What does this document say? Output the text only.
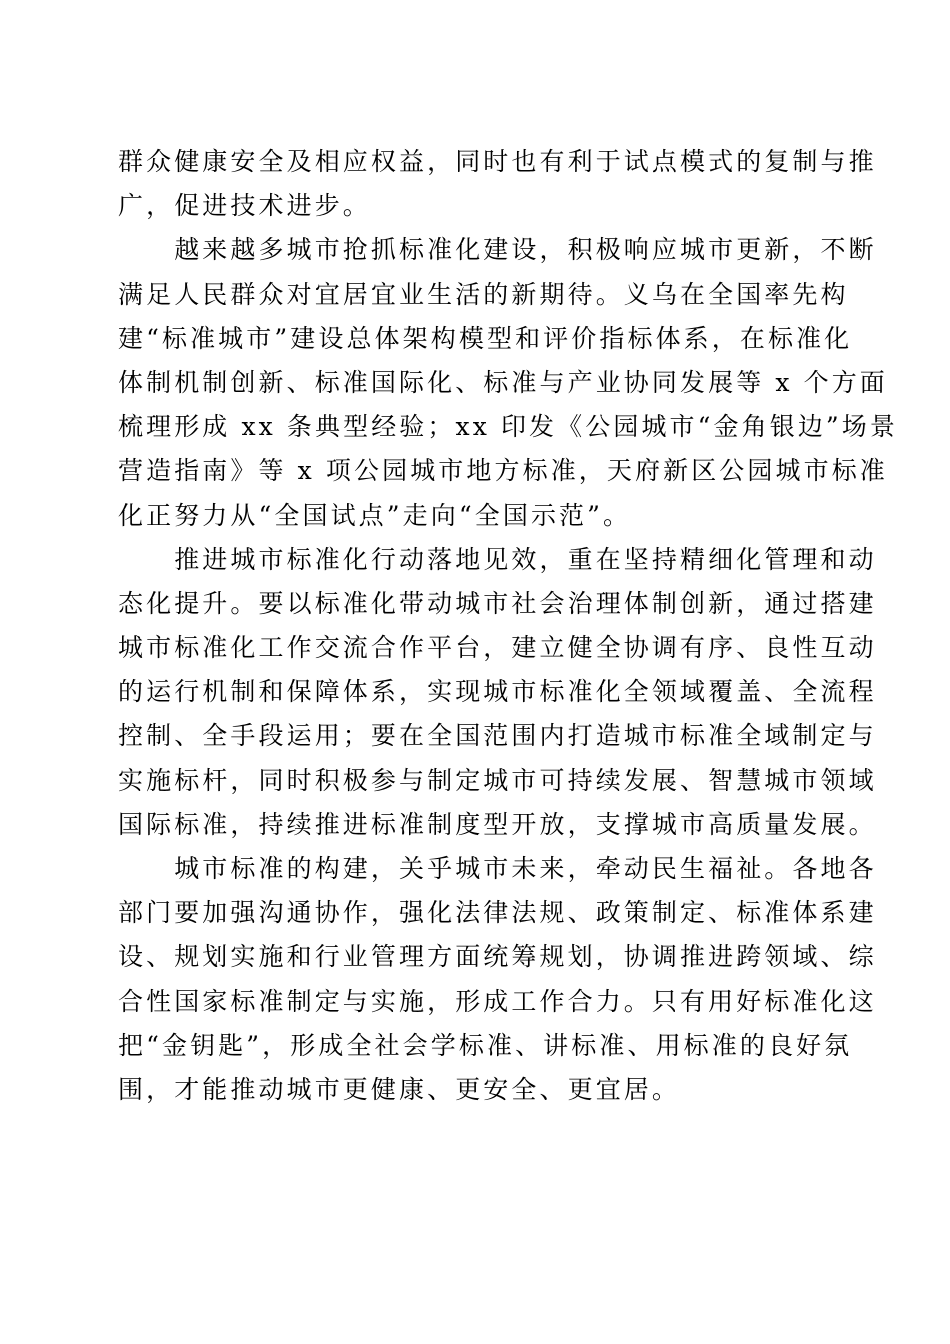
群众健康安全及相应权益，同时也有利于试点模式的复制与推
广，促进技术进步。
　　越来越多城市抢抓标准化建设，积极响应城市更新，不断
满足人民群众对宜居宜业生活的新期待。义乌在全国率先构
建“标准城市”建设总体架构模型和评价指标体系，在标准化
体制机制创新、标准国际化、标准与产业协同发展等 x 个方面
梳理形成 xx 条典型经验；xx 印发《公园城市“金角银边”场景
营造指南》等 x 项公园城市地方标准，天府新区公园城市标准
化正努力从“全国试点”走向“全国示范”。
　　推进城市标准化行动落地见效，重在坚持精细化管理和动
态化提升。要以标准化带动城市社会治理体制创新，通过搭建
城市标准化工作交流合作平台，建立健全协调有序、良性互动
的运行机制和保障体系，实现城市标准化全领域覆盖、全流程
控制、全手段运用；要在全国范围内打造城市标准全域制定与
实施标杆，同时积极参与制定城市可持续发展、智慧城市领域
国际标准，持续推进标准制度型开放，支撑城市高质量发展。
　　城市标准的构建，关乎城市未来，牵动民生福祉。各地各
部门要加强沟通协作，强化法律法规、政策制定、标准体系建
设、规划实施和行业管理方面统筹规划，协调推进跨领域、综
合性国家标准制定与实施，形成工作合力。只有用好标准化这
把“金钥匙”，形成全社会学标准、讲标准、用标准的良好氛
围，才能推动城市更健康、更安全、更宜居。
